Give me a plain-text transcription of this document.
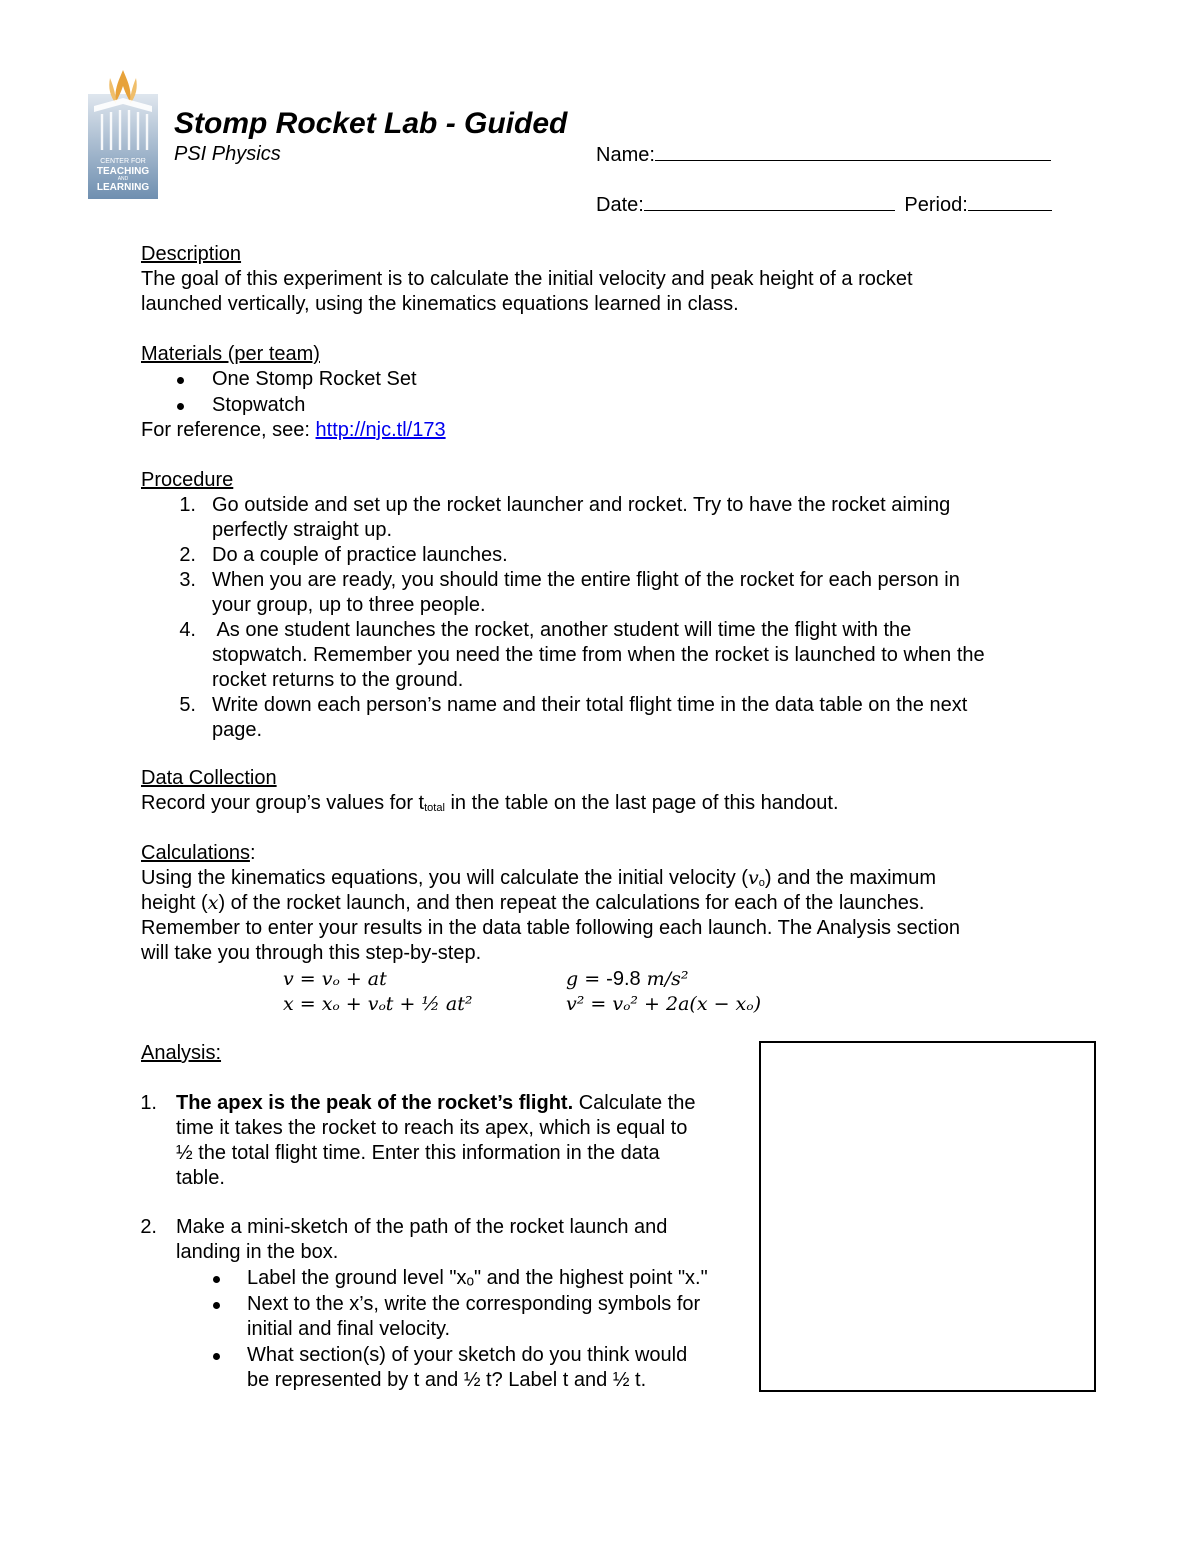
CENTER FOR
TEACHING
AND
LEARNING
Stomp Rocket Lab - Guided
PSI Physics	Name:
Date:	Period:
Description
The goal of this experiment is to calculate the initial velocity and peak height of a rocket
launched vertically, using the kinematics equations learned in class.
Materials (per team)
One Stomp Rocket Set
Stopwatch
For reference, see: http://njc.tl/173
Procedure
1. Go outside and set up the rocket launcher and rocket. Try to have the rocket aiming
perfectly straight up.
2. Do a couple of practice launches.
3. When you are ready, you should time the entire flight of the rocket for each person in
your group, up to three people.
4. As one student launches the rocket, another student will time the flight with the
stopwatch. Remember you need the time from when the rocket is launched to when the
rocket returns to the ground.
5. Write down each person’s name and their total flight time in the data table on the next
page.
Data Collection
Record your group’s values for $t_{total}$ in the table on the last page of this handout.
Calculations:
Using the kinematics equations, you will calculate the initial velocity $(v_o)$ and the maximum
height (x) of the rocket launch, and then repeat the calculations for each of the launches.
Remember to enter your results in the data table following each launch. The Analysis section
will take you through this step-by-step.
v = vₒ + at	g = -9.8 m/s²
x = xₒ + vₒt + ½ at²	v² = vₒ² + 2a(x − xₒ)
Analysis:
1. The apex is the peak of the rocket’s flight. Calculate the
time it takes the rocket to reach its apex, which is equal to
½ the total flight time. Enter this information in the data
table.
2. Make a mini-sketch of the path of the rocket launch and
landing in the box.
Label the ground level "xₒ" and the highest point "x."
Next to the x’s, write the corresponding symbols for
initial and final velocity.
What section(s) of your sketch do you think would
be represented by t and ½ t? Label t and ½ t.
